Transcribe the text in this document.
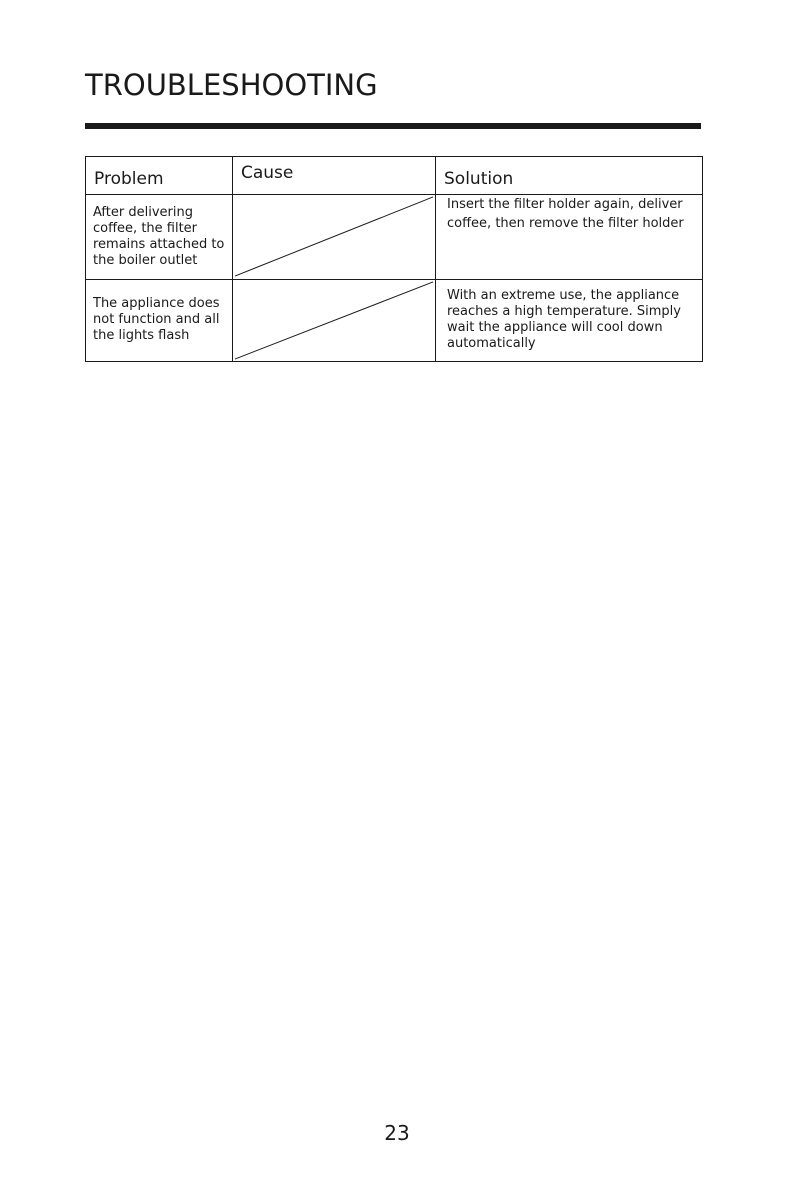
TROUBLESHOOTING
Problem	Cause	Solution

After delivering coffee, the filter remains attached to the boiler outlet		Insert the filter holder again, deliver coffee, then remove the filter holder
The appliance does not function and all the lights flash		With an extreme use, the appliance reaches a high temperature. Simply wait the appliance will cool down automatically
23
